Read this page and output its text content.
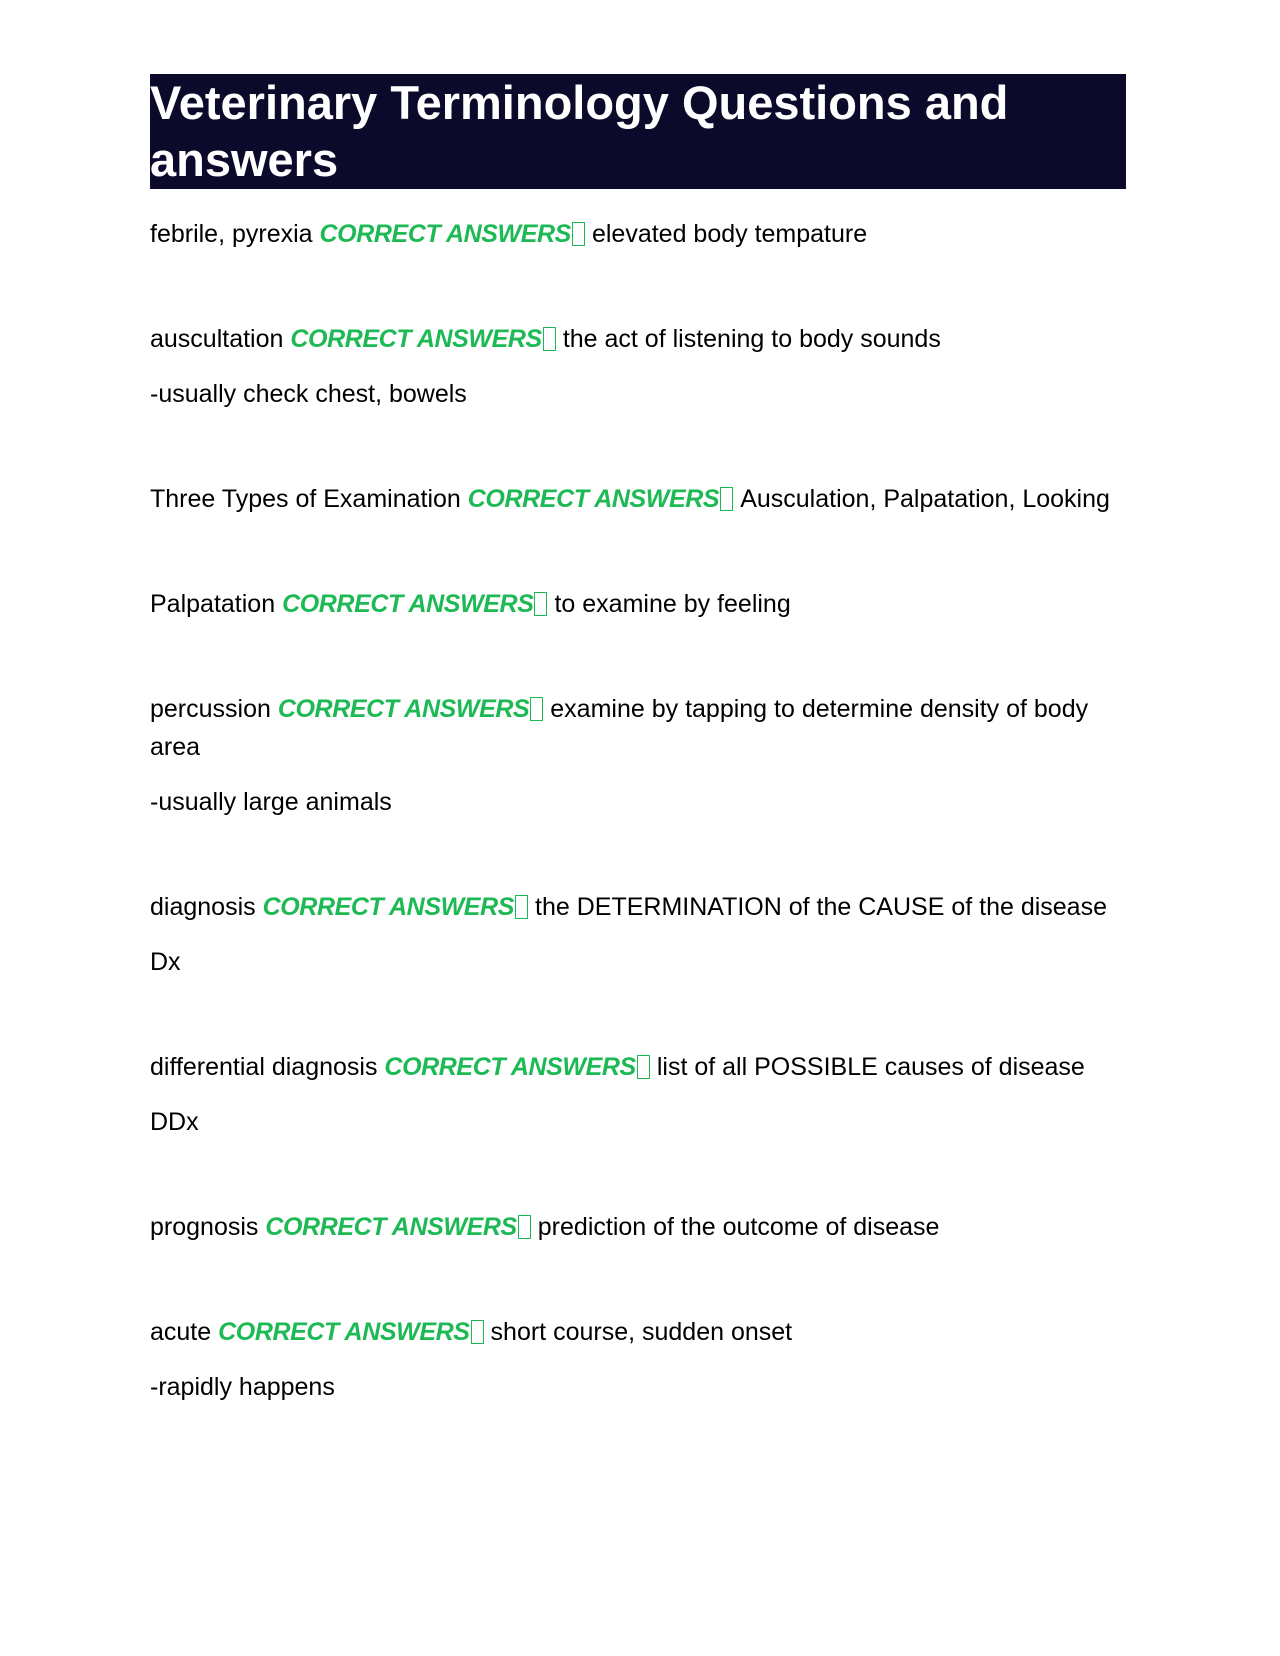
Veterinary Terminology Questions and answers

febrile, pyrexia CORRECT ANSWERS elevated body tempature

auscultation CORRECT ANSWERS the act of listening to body sounds

-usually check chest, bowels

Three Types of Examination CORRECT ANSWERS Ausculation, Palpatation, Looking

Palpatation CORRECT ANSWERS to examine by feeling

percussion CORRECT ANSWERS examine by tapping to determine density of body area

-usually large animals

diagnosis CORRECT ANSWERS the DETERMINATION of the CAUSE of the disease

Dx

differential diagnosis CORRECT ANSWERS list of all POSSIBLE causes of disease

DDx

prognosis CORRECT ANSWERS prediction of the outcome of disease

acute CORRECT ANSWERS short course, sudden onset

-rapidly happens
